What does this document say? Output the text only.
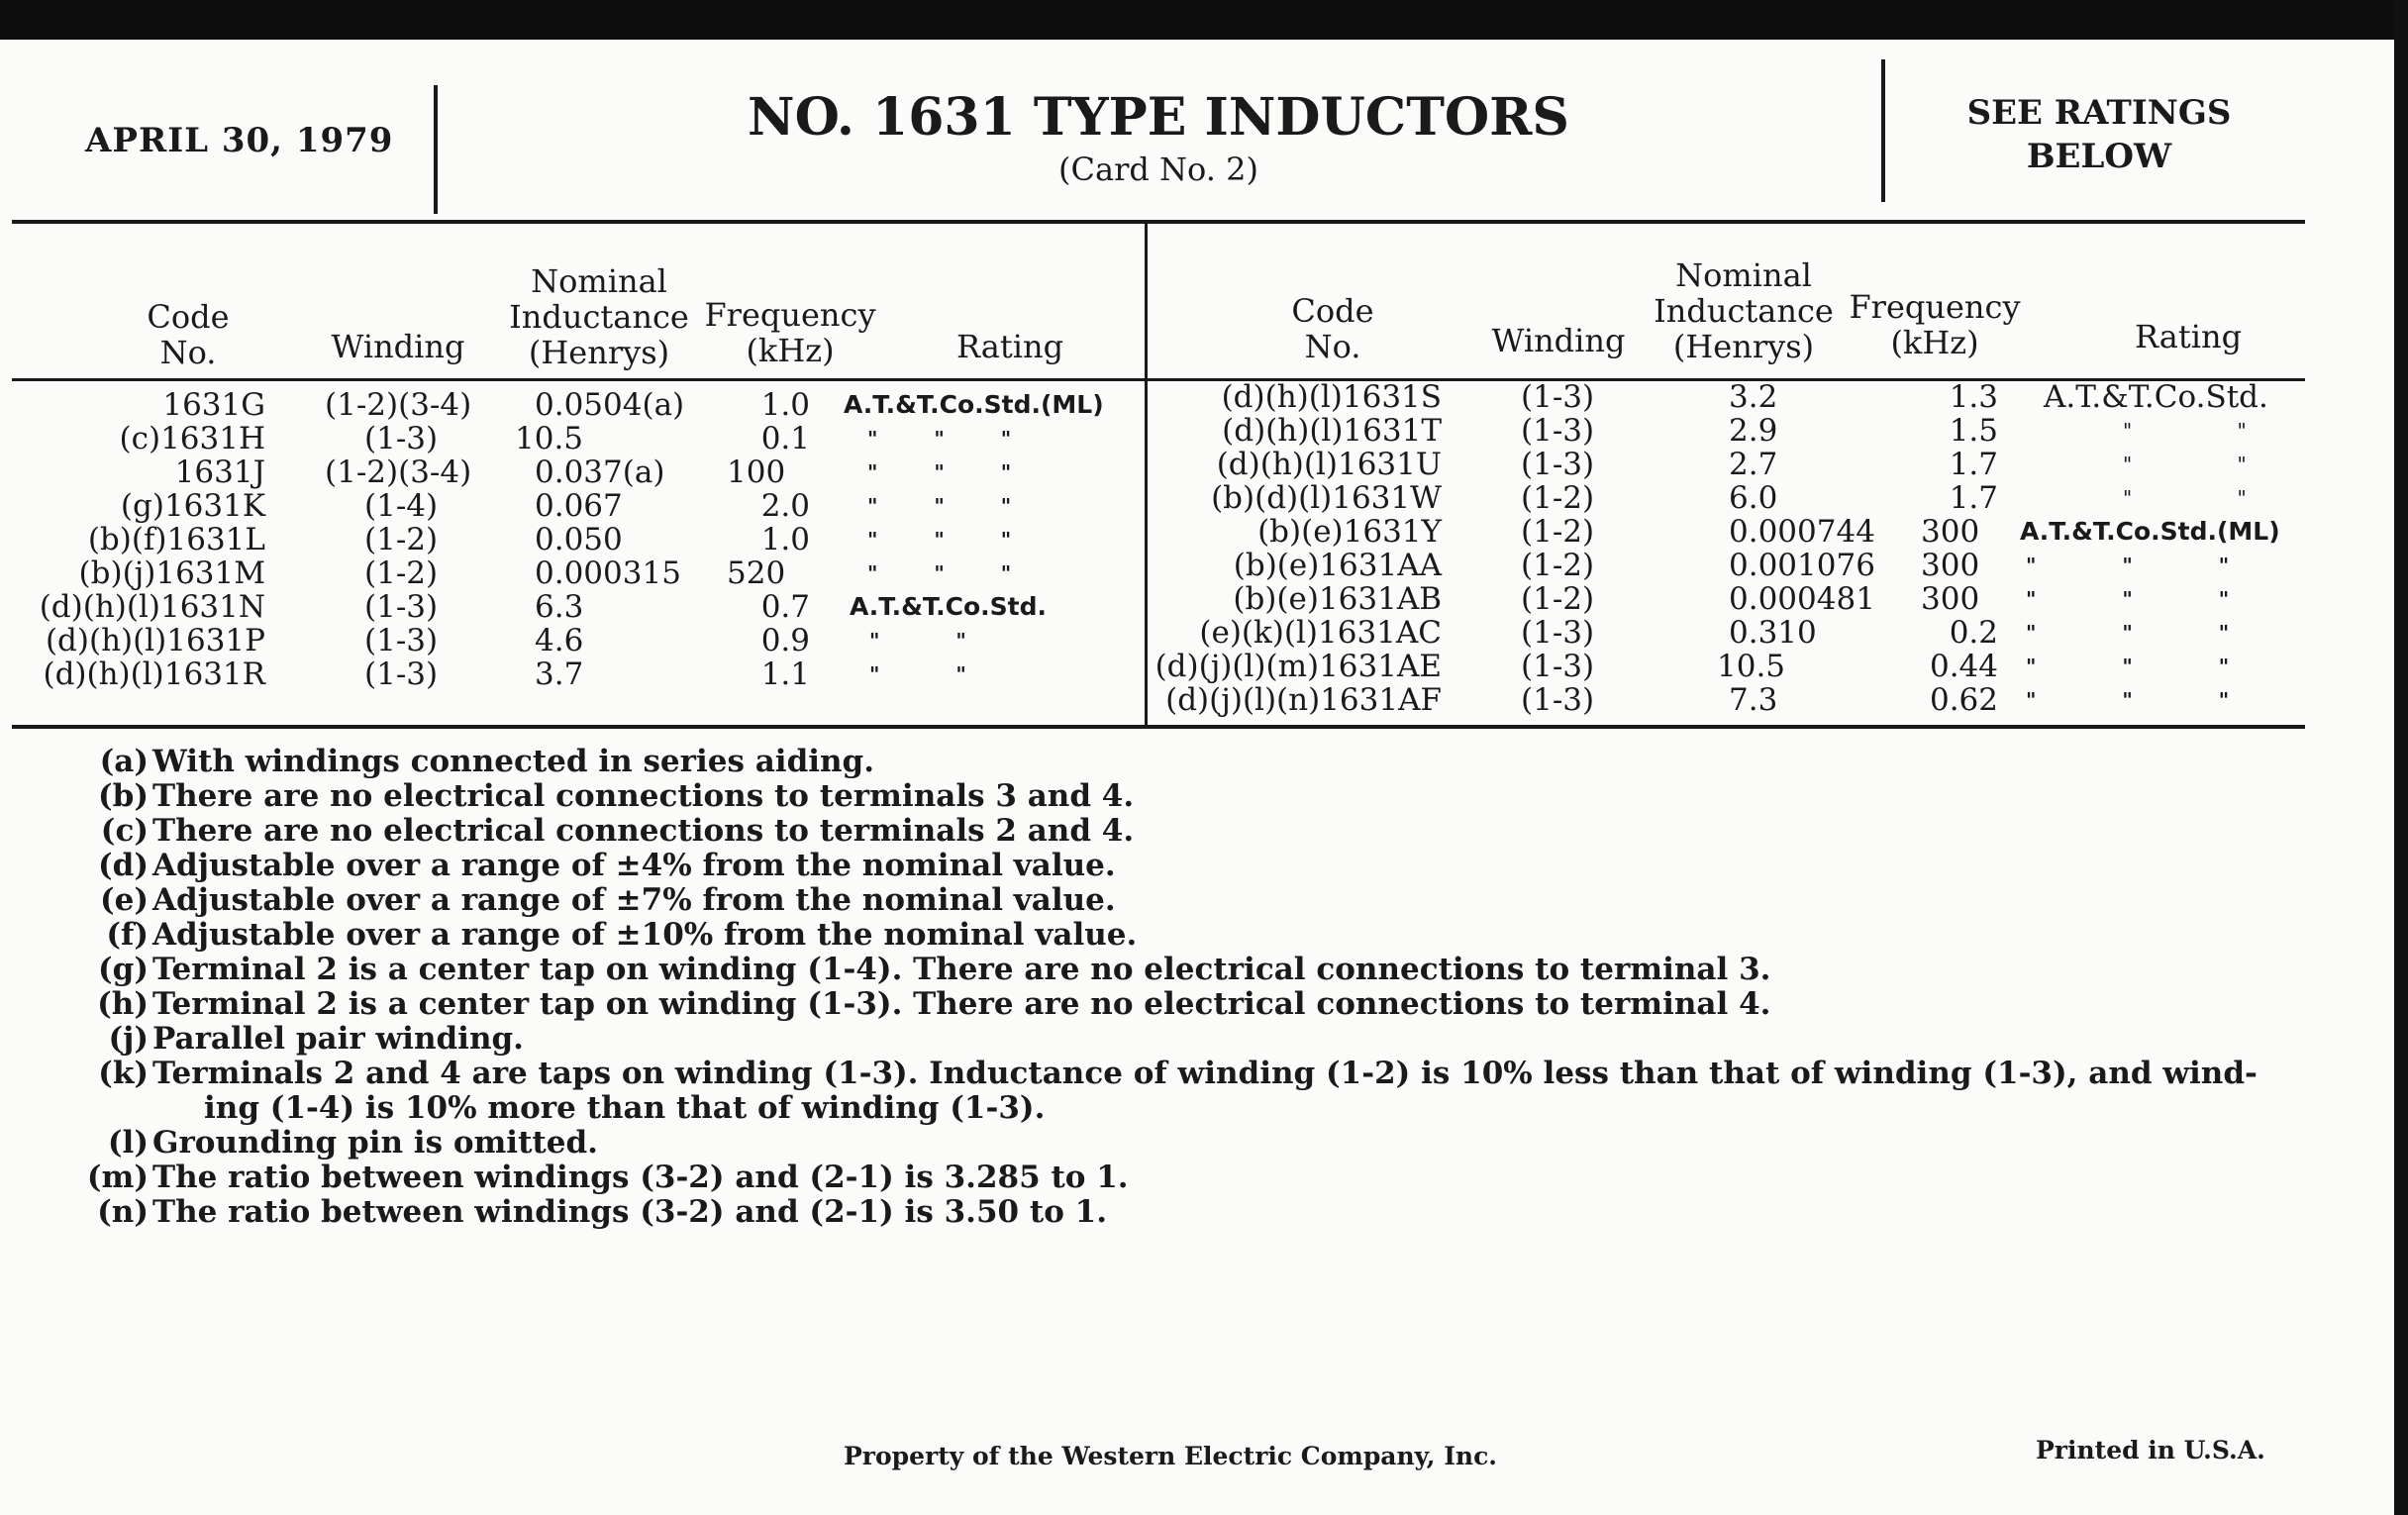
APRIL 30, 1979	NO. 1631 TYPE INDUCTORS
(Card No. 2)
SEE RATINGS
BELOW
Code
No.	Winding
Nominal
Inductance
(Henrys)
Frequency
(kHz)	Rating
Code
No.	Winding
Nominal
Inductance
(Henrys)
Frequency
(kHz)	Rating
1631G (1-2)(3-4) 0.0504(a)	1.0 A.T.&T.Co.Std.(ML)
(c)1631H	(1-3)	10.5	0.1	" " "
1631J (1-2)(3-4) 0.037(a) 100	" " "
(g)1631K	(1-4)	0.067	2.0	" " "
(b)(f)1631L	(1-2)	0.050	1.0	" " "
(b)(j)1631M	(1-2)	0.000315 520	" " "
(d)(h)(l)1631N	(1-3)	6.3	0.7 A.T.&T.Co.Std.
(d)(h)(l)1631P	(1-3)	4.6	0.9	" "
(d)(h)(l)1631R	(1-3)	3.7	1.1	" "
(d)(h)(l)1631S	(1-3)	3.2	1.3 A.T.&T.Co.Std.
(d)(h)(l)1631T	(1-3)	2.9	1.5	" "
(d)(h)(l)1631U	(1-3)	2.7	1.7	" "
(b)(d)(l)1631W	(1-2)	6.0	1.7	" "
(b)(e)1631Y	(1-2)	0.000744 300 A.T.&T.Co.Std.(ML)
(b)(e)1631AA	(1-2)	0.001076 300 " " "
(b)(e)1631AB	(1-2)	0.000481 300 " " "
(e)(k)(l)1631AC	(1-3)	0.310	0.2 " " "
(d)(j)(l)(m)1631AE	(1-3)	10.5	0.44 " " "
(d)(j)(l)(n)1631AF	(1-3)	7.3	0.62 " " "
(a) With windings connected in series aiding.
(b) There are no electrical connections to terminals 3 and 4.
(c) There are no electrical connections to terminals 2 and 4.
(d) Adjustable over a range of ±4% from the nominal value.
(e) Adjustable over a range of ±7% from the nominal value.
(f) Adjustable over a range of ±10% from the nominal value.
(g) Terminal 2 is a center tap on winding (1-4). There are no electrical connections to terminal 3.
(h) Terminal 2 is a center tap on winding (1-3). There are no electrical connections to terminal 4.
(j) Parallel pair winding.
(k) Terminals 2 and 4 are taps on winding (1-3). Inductance of winding (1-2) is 10% less than that of winding (1-3), and wind-
ing (1-4) is 10% more than that of winding (1-3).
(l) Grounding pin is omitted.
(m) The ratio between windings (3-2) and (2-1) is 3.285 to 1.
(n) The ratio between windings (3-2) and (2-1) is 3.50 to 1.
Property of the Western Electric Company, Inc.	Printed in U.S.A.
